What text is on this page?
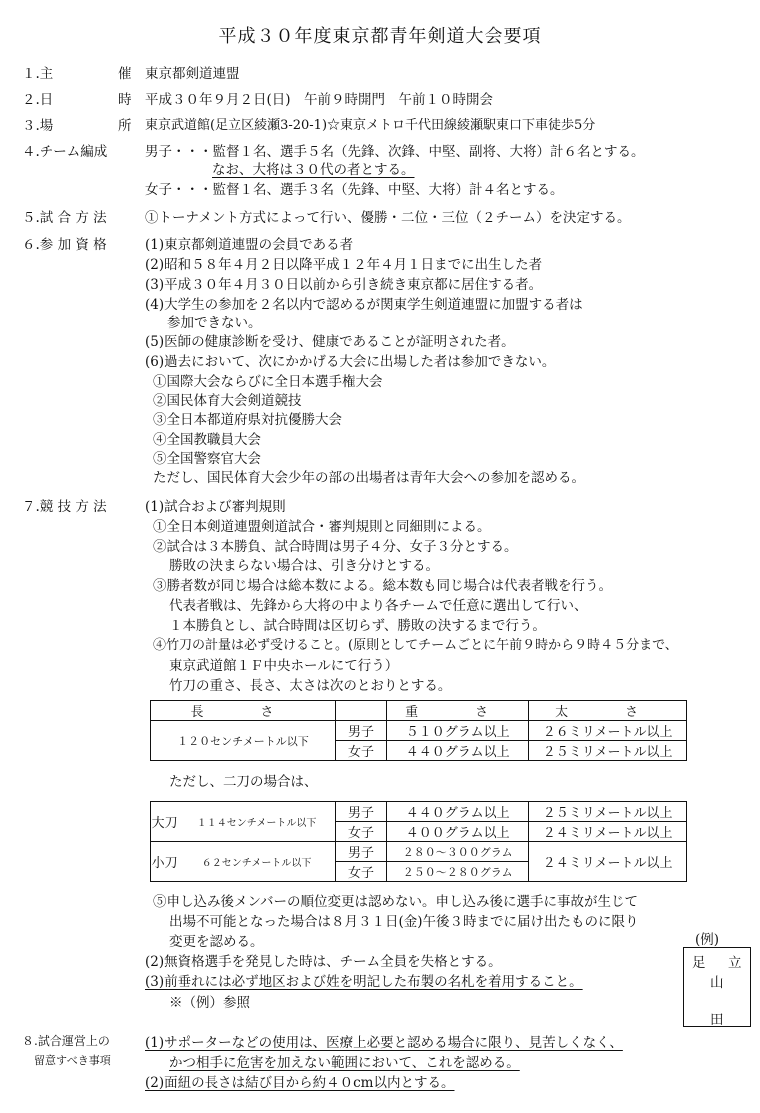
平成３０年度東京都青年剣道大会要項
１.主	催 東京都剣道連盟
２.日	時 平成３０年９月２日(日)　午前９時開門　午前１０時開会
３.場	所 東京武道館(足立区綾瀬3-20-1)☆東京メトロ千代田線綾瀬駅東口下車徒歩5分
４.チーム編成	男子・・・監督１名、選手５名（先鋒、次鋒、中堅、副将、大将）計６名とする。
なお、大将は３０代の者とする。
女子・・・監督１名、選手３名（先鋒、中堅、大将）計４名とする。
５.試 合 方 法	①トーナメント方式によって行い、優勝・二位・三位（２チーム）を決定する。
６.参 加 資 格	(1)東京都剣道連盟の会員である者
(2)昭和５８年４月２日以降平成１２年４月１日までに出生した者
(3)平成３０年４月３０日以前から引き続き東京都に居住する者。
(4)大学生の参加を２名以内で認めるが関東学生剣道連盟に加盟する者は
参加できない。
(5)医師の健康診断を受け、健康であることが証明された者。
(6)過去において、次にかかげる大会に出場した者は参加できない。
①国際大会ならびに全日本選手権大会
②国民体育大会剣道競技
③全日本都道府県対抗優勝大会
④全国教職員大会
⑤全国警察官大会
ただし、国民体育大会少年の部の出場者は青年大会への参加を認める。
７.競 技 方 法	(1)試合および審判規則
①全日本剣道連盟剣道試合・審判規則と同細則による。
②試合は３本勝負、試合時間は男子４分、女子３分とする。
勝敗の決まらない場合は、引き分けとする。
③勝者数が同じ場合は総本数による。総本数も同じ場合は代表者戦を行う。
代表者戦は、先鋒から大将の中より各チームで任意に選出して行い、
１本勝負とし、試合時間は区切らず、勝敗の決するまで行う。
④竹刀の計量は必ず受けること。(原則としてチームごとに午前９時から９時４５分まで、
東京武道館１Ｆ中央ホールにて行う）
竹刀の重さ、長さ、太さは次のとおりとする。
長　さ		重　さ	太　さ
１２０センチメートル以下	男子	５１０グラム以上	２６ミリメートル以上
	女子	４４０グラム以上	２５ミリメートル以上
ただし、二刀の場合は、
大刀	１１４センチメートル以下	男子	４４０グラム以上	２５ミリメートル以上
		女子	４００グラム以上	２４ミリメートル以上
小刀	６２センチメートル以下	男子	２８０～３００グラム	２４ミリメートル以上
		女子	２５０～２８０グラム	
⑤申し込み後メンバーの順位変更は認めない。申し込み後に選手に事故が生じて
出場不可能となった場合は８月３１日(金)午後３時までに届け出たものに限り
変更を認める。
(2)無資格選手を発見した時は、チーム全員を失格とする。
(3)前垂れには必ず地区および姓を明記した布製の名札を着用すること。
※（例）参照
(例)
足 立
山
田
８.試合運営上の
留意すべき事項
(1)サポーターなどの使用は、医療上必要と認める場合に限り、見苦しくなく、
かつ相手に危害を加えない範囲において、これを認める。
(2)面紐の長さは結び目から約４０cm以内とする。
